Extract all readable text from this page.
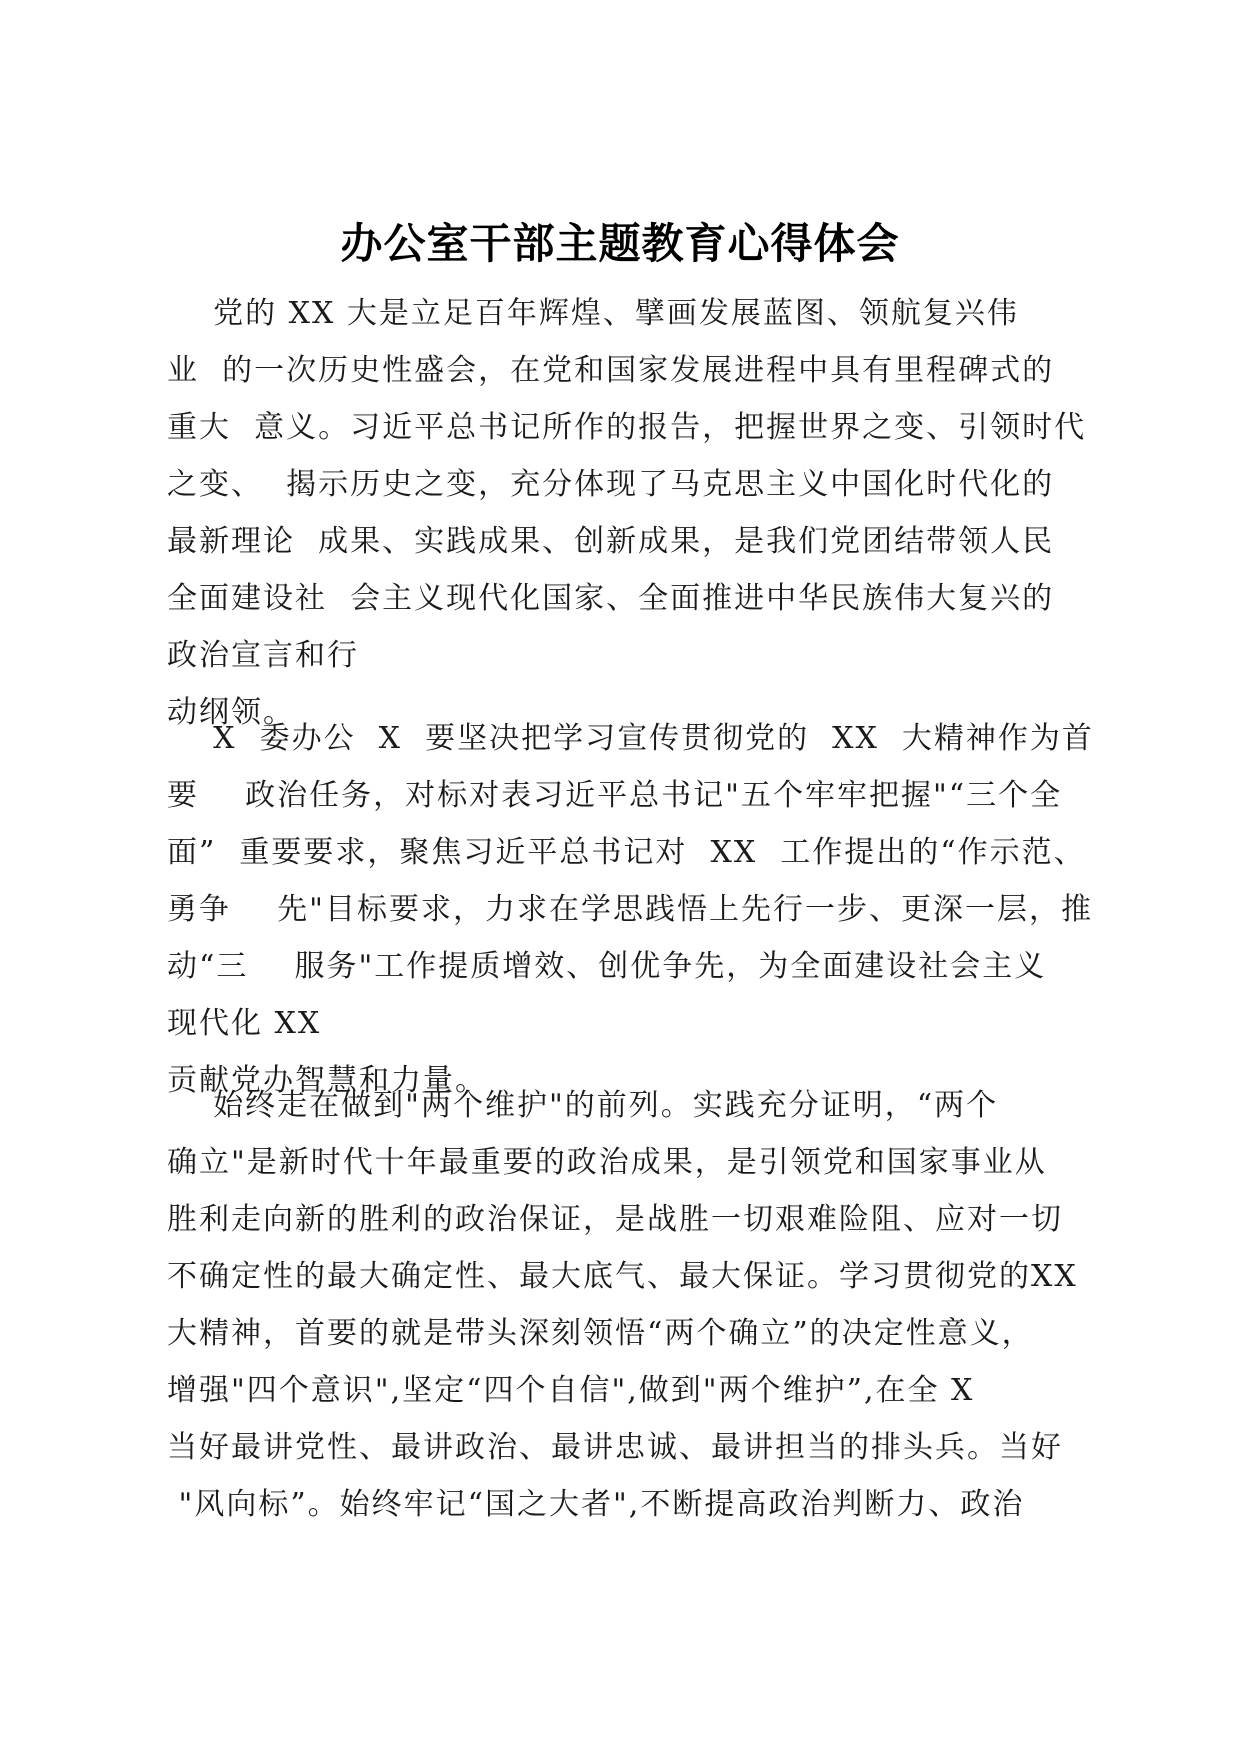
办公室干部主题教育心得体会
党的 XX 大是立足百年辉煌、擘画发展蓝图、领航复兴伟
业  的一次历史性盛会，在党和国家发展进程中具有里程碑式的
重大  意义。习近平总书记所作的报告，把握世界之变、引领时代
之变、  揭示历史之变，充分体现了马克思主义中国化时代化的
最新理论  成果、实践成果、创新成果，是我们党团结带领人民
全面建设社  会主义现代化国家、全面推进中华民族伟大复兴的
政治宣言和行
动纲领。
X  委办公  X  要坚决把学习宣传贯彻党的  XX  大精神作为首
要    政治任务，对标对表习近平总书记"五个牢牢把握"“三个全
面”  重要要求，聚焦习近平总书记对  XX  工作提出的“作示范、
勇争    先"目标要求，力求在学思践悟上先行一步、更深一层，推
动“三    服务"工作提质增效、创优争先，为全面建设社会主义
现代化 XX
贡献党办智慧和力量。
始终走在做到"两个维护"的前列。实践充分证明，“两个
确立"是新时代十年最重要的政治成果，是引领党和国家事业从
胜利走向新的胜利的政治保证，是战胜一切艰难险阻、应对一切
不确定性的最大确定性、最大底气、最大保证。学习贯彻党的XX
大精神，首要的就是带头深刻领悟“两个确立”的决定性意义，
增强"四个意识",坚定“四个自信",做到"两个维护”,在全 X
当好最讲党性、最讲政治、最讲忠诚、最讲担当的排头兵。当好
"风向标”。始终牢记“国之大者",不断提高政治判断力、政治
